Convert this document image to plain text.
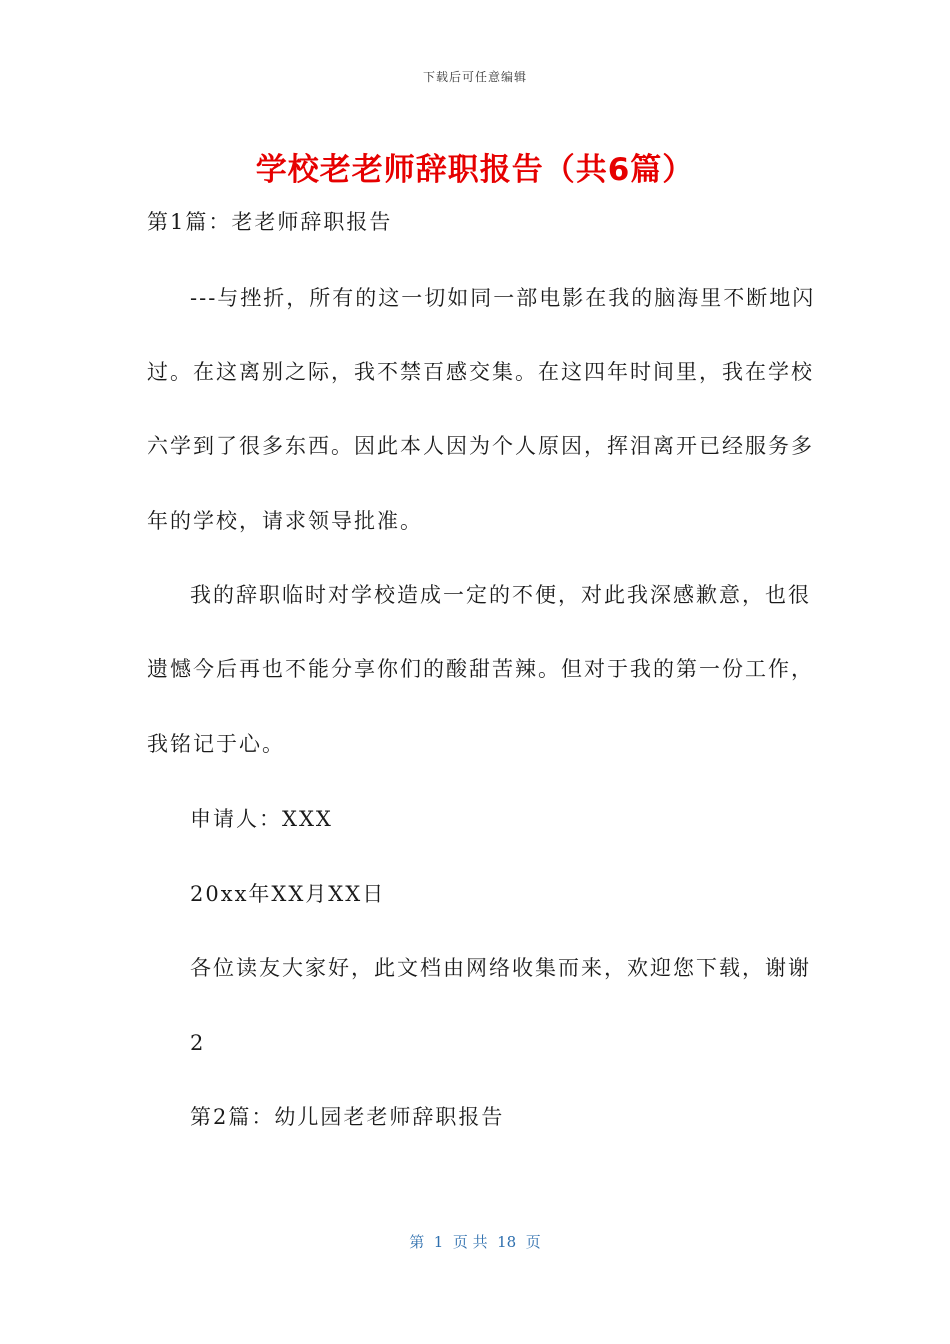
下载后可任意编辑
学校老老师辞职报告（共6篇）
第1篇：老老师辞职报告
---与挫折，所有的这一切如同一部电影在我的脑海里不断地闪
过。在这离别之际，我不禁百感交集。在这四年时间里，我在学校
六学到了很多东西。因此本人因为个人原因，挥泪离开已经服务多
年的学校，请求领导批准。
我的辞职临时对学校造成一定的不便，对此我深感歉意，也很
遗憾今后再也不能分享你们的酸甜苦辣。但对于我的第一份工作，
我铭记于心。
申请人：XXX
20xx年XX月XX日
各位读友大家好，此文档由网络收集而来，欢迎您下载，谢谢
2
第2篇：幼儿园老老师辞职报告
第  1  页 共  18  页
